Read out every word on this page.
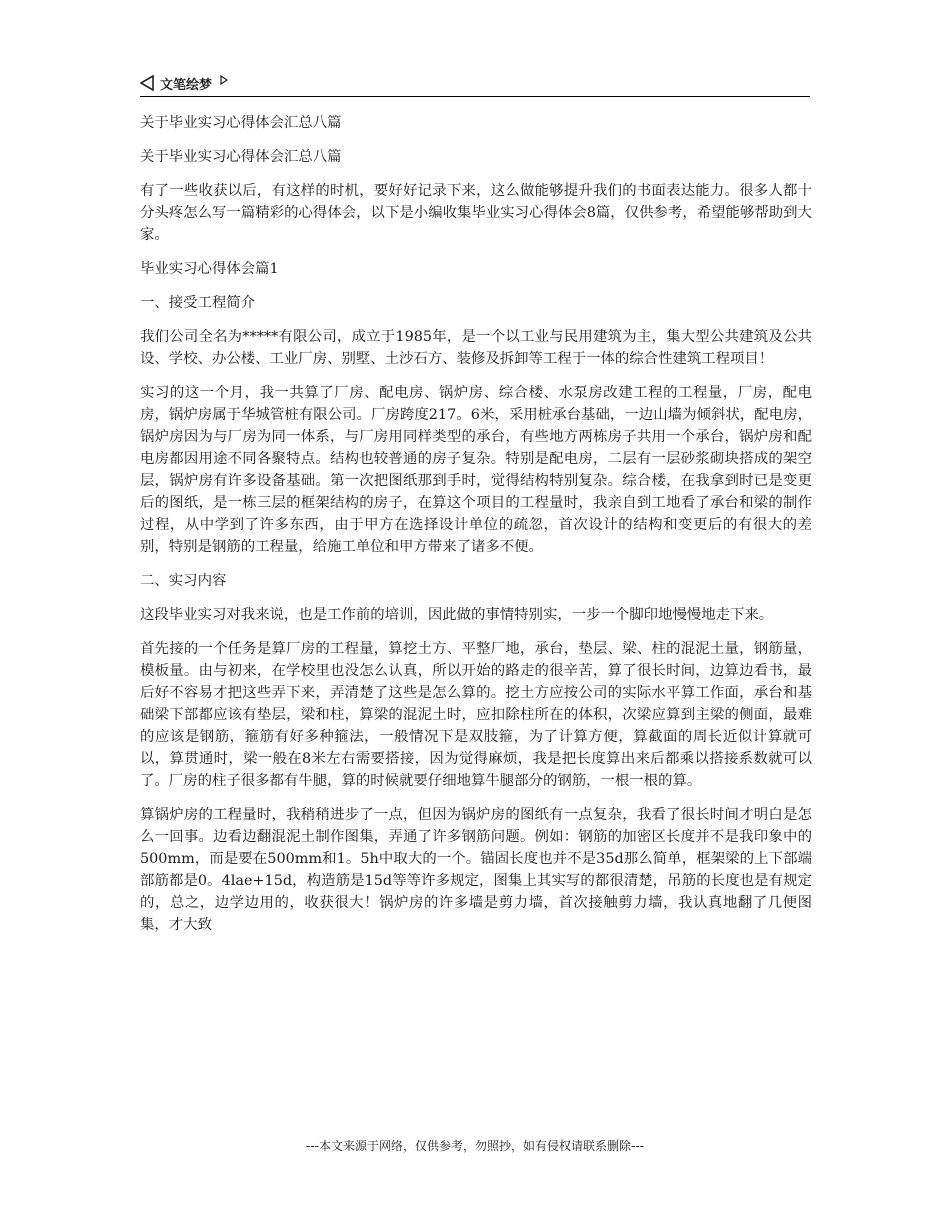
文笔绘梦

关于毕业实习心得体会汇总八篇

关于毕业实习心得体会汇总八篇

有了一些收获以后，有这样的时机，要好好记录下来，这么做能够提升我们的书面表达能力。很多人都十分头疼怎么写一篇精彩的心得体会，以下是小编收集毕业实习心得体会8篇，仅供参考，希望能够帮助到大家。

毕业实习心得体会篇1

一、接受工程简介

我们公司全名为*****有限公司，成立于1985年，是一个以工业与民用建筑为主，集大型公共建筑及公共设、学校、办公楼、工业厂房、别墅、土沙石方、装修及拆卸等工程于一体的综合性建筑工程项目！

实习的这一个月，我一共算了厂房、配电房、锅炉房、综合楼、水泵房改建工程的工程量，厂房，配电房，锅炉房属于华城管桩有限公司。厂房跨度217。6米，采用桩承台基础，一边山墙为倾斜状，配电房，锅炉房因为与厂房为同一体系，与厂房用同样类型的承台，有些地方两栋房子共用一个承台，锅炉房和配电房都因用途不同各聚特点。结构也较普通的房子复杂。特别是配电房，二层有一层砂浆砌块搭成的架空层，锅炉房有许多设备基础。第一次把图纸那到手时，觉得结构特别复杂。综合楼，在我拿到时已是变更后的图纸，是一栋三层的框架结构的房子，在算这个项目的工程量时，我亲自到工地看了承台和梁的制作过程，从中学到了许多东西，由于甲方在选择设计单位的疏忽，首次设计的结构和变更后的有很大的差别，特别是钢筋的工程量，给施工单位和甲方带来了诸多不便。

二、实习内容

这段毕业实习对我来说，也是工作前的培训，因此做的事情特别实，一步一个脚印地慢慢地走下来。

首先接的一个任务是算厂房的工程量，算挖土方、平整厂地，承台，垫层、梁、柱的混泥土量，钢筋量，模板量。由与初来，在学校里也没怎么认真，所以开始的路走的很辛苦，算了很长时间，边算边看书，最后好不容易才把这些弄下来，弄清楚了这些是怎么算的。挖土方应按公司的实际水平算工作面，承台和基础梁下部都应该有垫层，梁和柱，算梁的混泥土时，应扣除柱所在的体积，次梁应算到主梁的侧面，最难的应该是钢筋，箍筋有好多种箍法，一般情况下是双肢箍，为了计算方便，算截面的周长近似计算就可以，算贯通时，梁一般在8米左右需要搭接，因为觉得麻烦，我是把长度算出来后都乘以搭接系数就可以了。厂房的柱子很多都有牛腿，算的时候就要仔细地算牛腿部分的钢筋，一根一根的算。

算锅炉房的工程量时，我稍稍进步了一点，但因为锅炉房的图纸有一点复杂，我看了很长时间才明白是怎么一回事。边看边翻混泥土制作图集，弄通了许多钢筋问题。例如：钢筋的加密区长度并不是我印象中的500mm，而是要在500mm和1。5h中取大的一个。锚固长度也并不是35d那么简单，框架梁的上下部端部筋都是0。4lae+15d，构造筋是15d等等许多规定，图集上其实写的都很清楚，吊筋的长度也是有规定的，总之，边学边用的，收获很大！锅炉房的许多墙是剪力墙，首次接触剪力墙，我认真地翻了几便图集，才大致

---本文来源于网络，仅供参考，勿照抄，如有侵权请联系删除---
